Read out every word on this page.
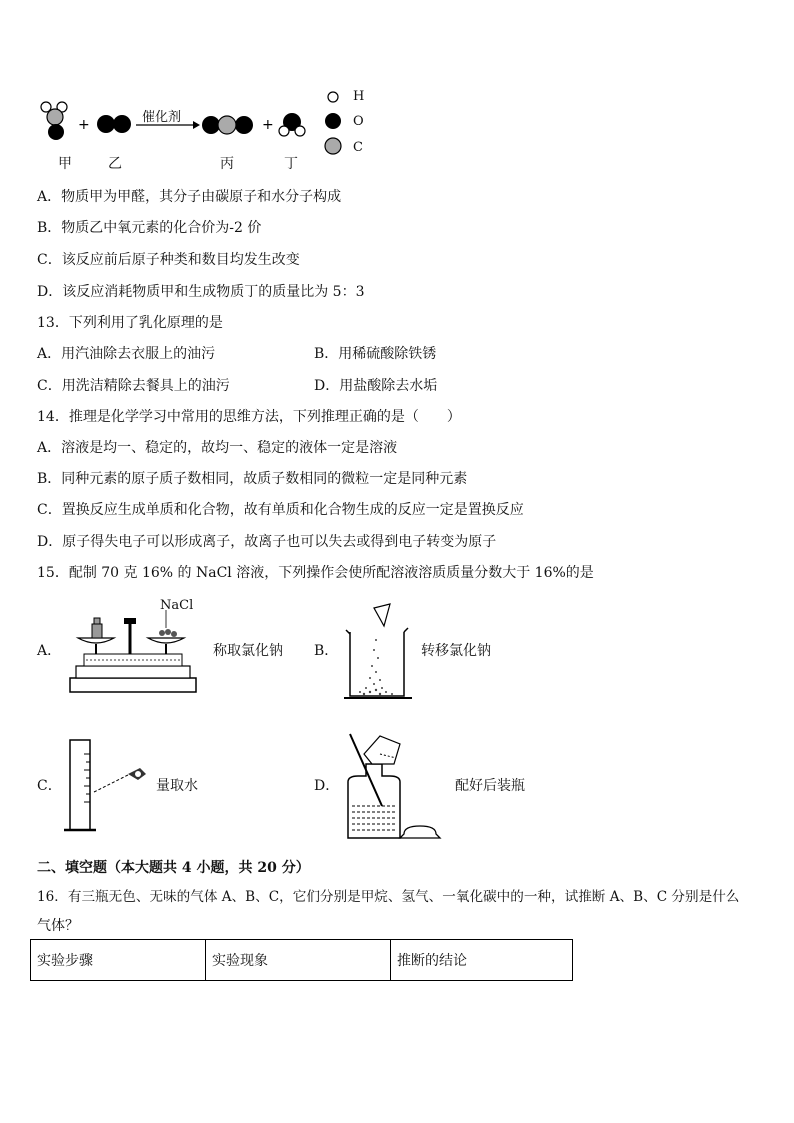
+	+
催化剂
甲	乙	丙	丁
H
O
C
A．物质甲为甲醛，其分子由碳原子和水分子构成
B．物质乙中氧元素的化合价为-2 价
C．该反应前后原子种类和数目均发生改变
D．该反应消耗物质甲和生成物质丁的质量比为 5：3
13．下列利用了乳化原理的是
A．用汽油除去衣服上的油污	B．用稀硫酸除铁锈
C．用洗洁精除去餐具上的油污	D．用盐酸除去水垢
14．推理是化学学习中常用的思维方法，下列推理正确的是（　　）
A．溶液是均一、稳定的，故均一、稳定的液体一定是溶液
B．同种元素的原子质子数相同，故质子数相同的微粒一定是同种元素
C．置换反应生成单质和化合物，故有单质和化合物生成的反应一定是置换反应
D．原子得失电子可以形成离子，故离子也可以失去或得到电子转变为原子
15．配制 70 克 16% 的 NaCl 溶液，下列操作会使所配溶液溶质质量分数大于 16%的是
A．
NaCl
称取氯化钠 B．	转移氯化钠
C．	量取水	D．	配好后装瓶
二、填空题（本大题共 4 小题，共 20 分）
16．有三瓶无色、无味的气体 A、B、C，它们分别是甲烷、氢气、一氧化碳中的一种，试推断 A、B、C 分别是什么
气体？
实验步骤	实验现象	推断的结论
